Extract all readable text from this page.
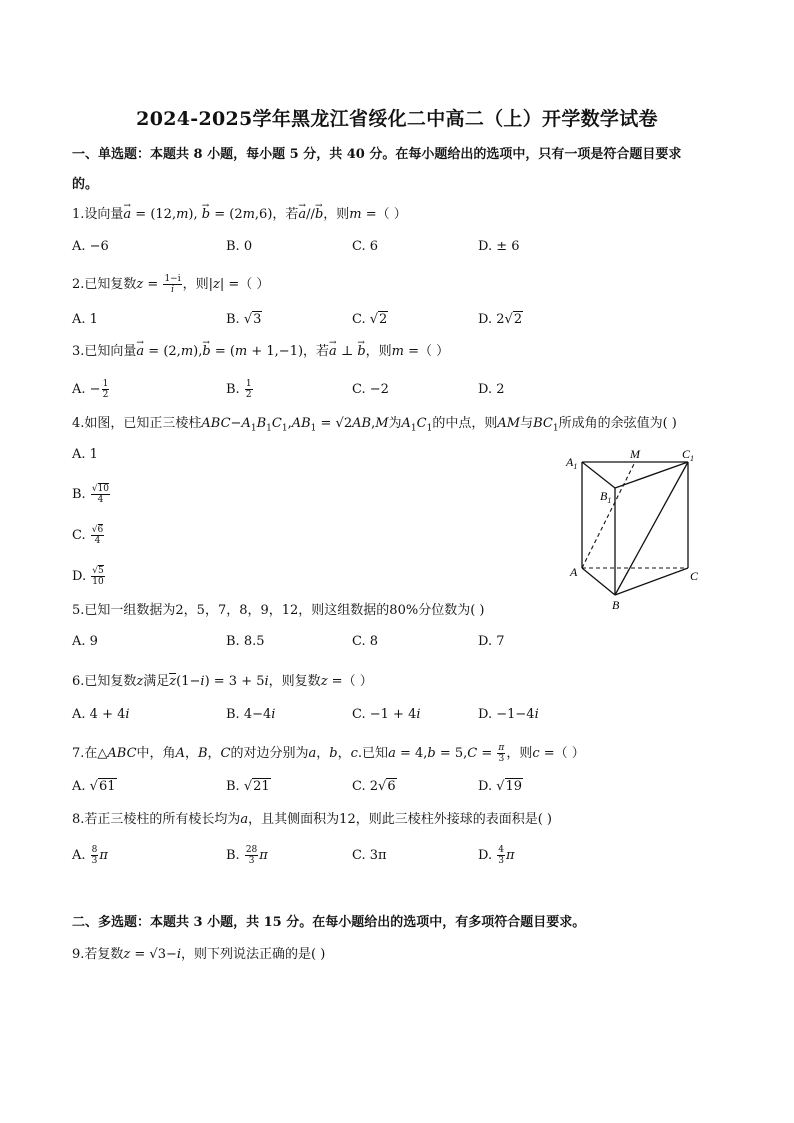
2024-2025学年黑龙江省绥化二中高二（上）开学数学试卷
一、单选题：本题共 8 小题，每小题 5 分，共 40 分。在每小题给出的选项中，只有一项是符合题目要求
的。
1.设向量→ a = (12,m), → b = (2m,6)，若→ a//→ b，则m =（ ）
A. −6	B. 0	C. 6	D. ± 6
2.已知复数$z = \frac{1-i}{i}$ ，则|z| =（ ）
A. 1	B. √3	C. √2	D. 2√2
3.已知向量→ a = (2,m),→ b = (m + 1,−1)，若→ a ⊥ → b，则m =（ ）
A. − $\frac{1}{2}$	B. $\frac{1}{2}$	C. −2	D. 2
4.如图，已知正三棱柱$ABC-A_1B_1C_1,AB_1 = √2AB,M$为$A_1C_1$的中点，则AM与$BC_1$所成角的余弦值为( )
A. 1
B. $\frac{√10}{4}$
C. $\frac{√6}{4}$
D. $\frac{√5}{10}$
$A_1$
M	$C_1$
$B_1$
A	C
B
5.已知一组数据为2，5，7，8，9，12，则这组数据的80%分位数为( )
A. 9	B. 8.5	C. 8	D. 7
6.已知复数z满足z(1−i) = 3 + 5i，则复数z =（ ）
A. 4 + 4i	B. 4−4i	C. −1 + 4i	D. −1−4i
7.在△ABC中，角A，B，C的对边分别为a，b，c.已知$a = 4,b = 5,C = \frac{\pi}{3}$ ，则c =（ ）
A. √61	B. √21	C. 2√6	D. √19
8.若正三棱柱的所有棱长均为a，且其侧面积为12，则此三棱柱外接球的表面积是( )
A. $\frac{8}{3}$ π	B. $\frac{28}{3}$ π	C. 3π	D. $\frac{4}{3}$ π
二、多选题：本题共 3 小题，共 15 分。在每小题给出的选项中，有多项符合题目要求。
9.若复数z = √3−i，则下列说法正确的是( )
